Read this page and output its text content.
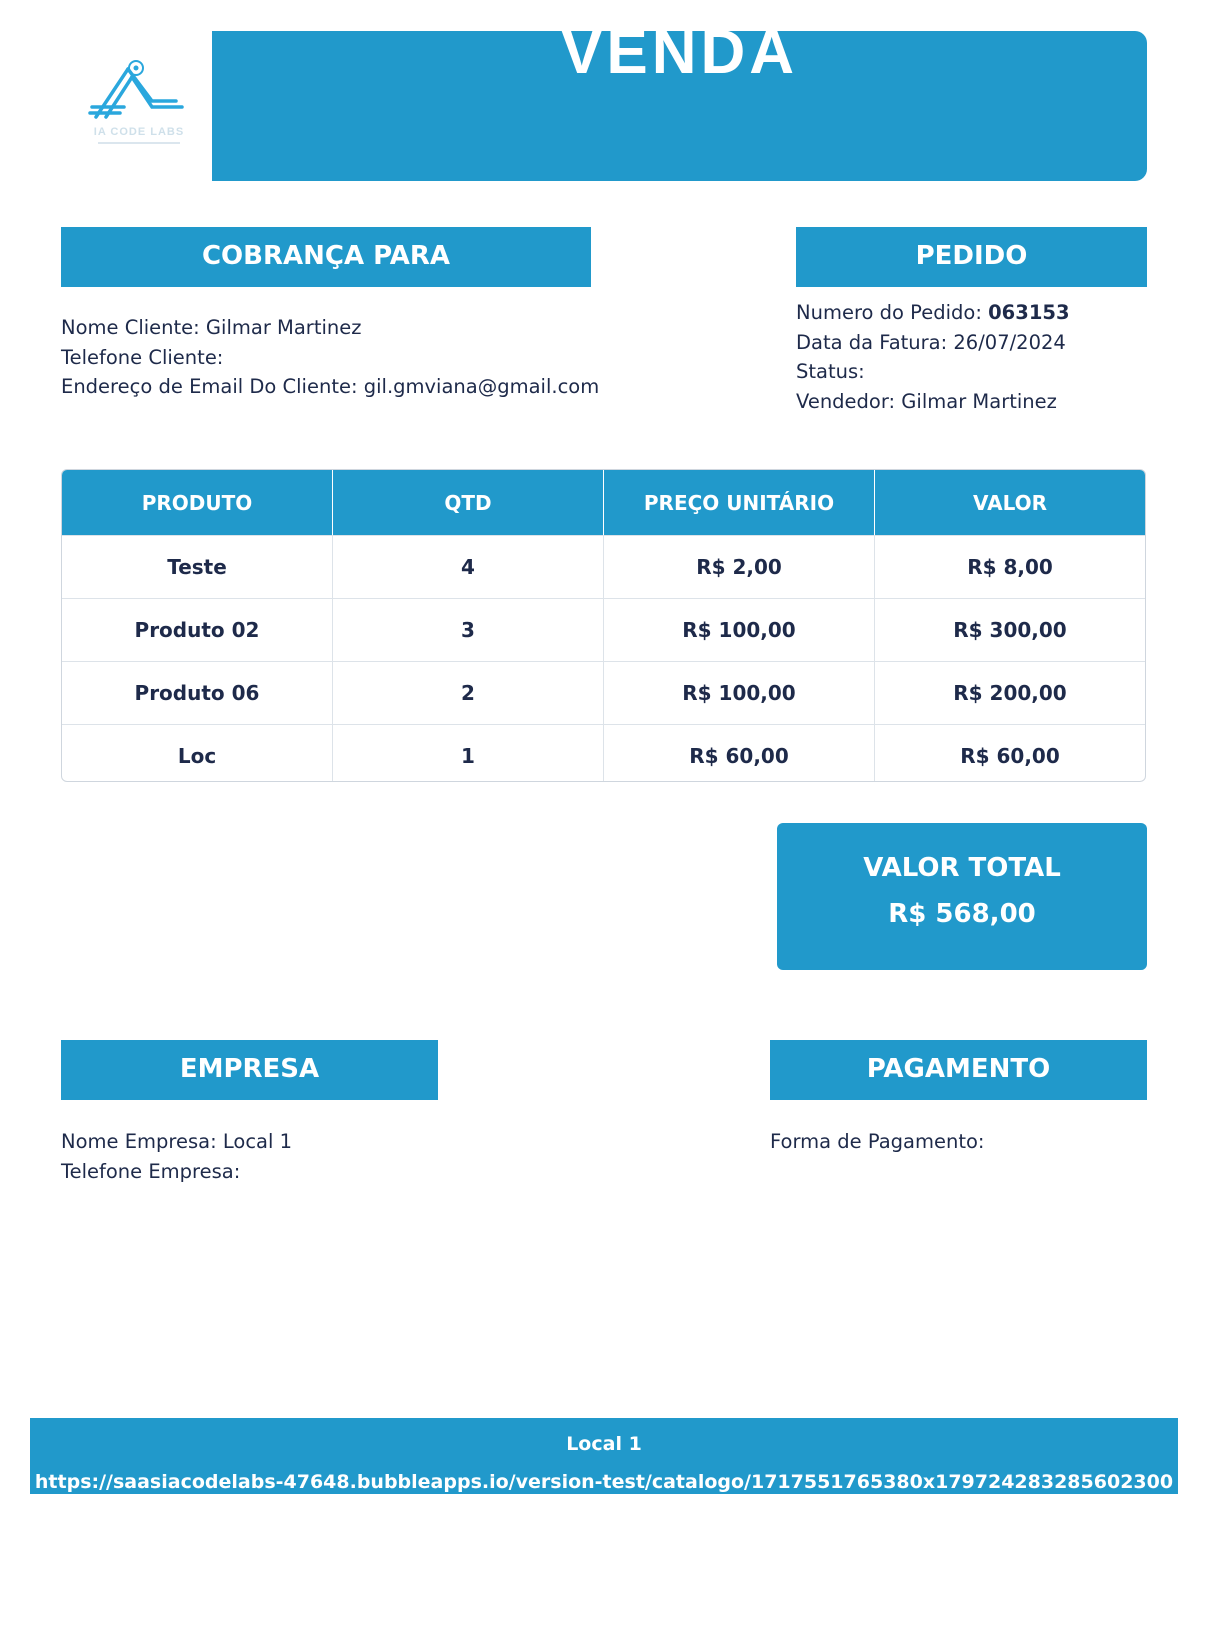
IA CODE LABS
VENDA
COBRANÇA PARA
Nome Cliente: Gilmar Martinez
Telefone Cliente:
Endereço de Email Do Cliente: gil.gmviana@gmail.com
PEDIDO
Numero do Pedido: 063153
Data da Fatura: 26/07/2024
Status:
Vendedor: Gilmar Martinez
PRODUTO	QTD	PREÇO UNITÁRIO	VALOR
Teste	4	R$ 2,00	R$ 8,00
Produto 02	3	R$ 100,00	R$ 300,00
Produto 06	2	R$ 100,00	R$ 200,00
Loc	1	R$ 60,00	R$ 60,00
VALOR TOTAL
R$ 568,00
EMPRESA
Nome Empresa: Local 1
Telefone Empresa:
PAGAMENTO
Forma de Pagamento:
Local 1
https://saasiacodelabs-47648.bubbleapps.io/version-test/catalogo/1717551765380x179724283285602300
